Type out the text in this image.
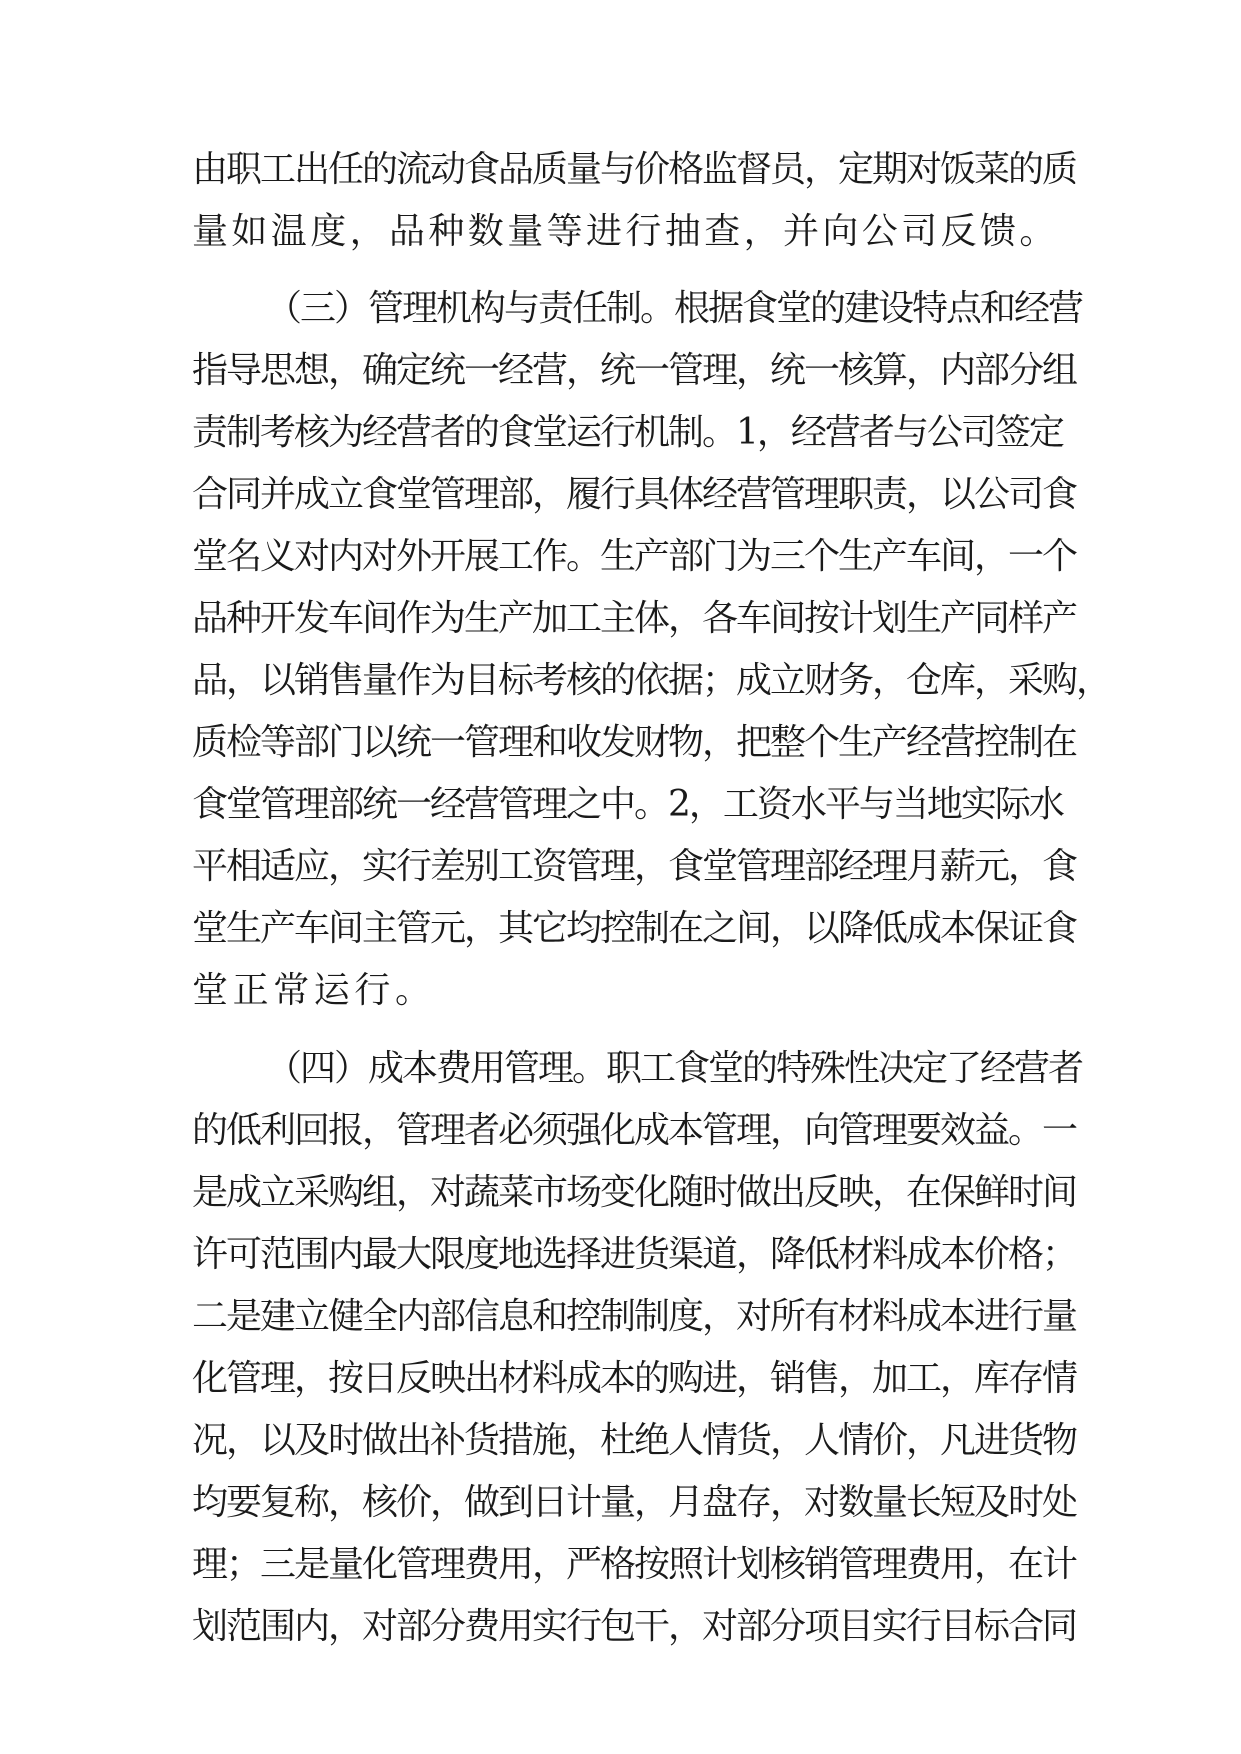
由职工出任的流动食品质量与价格监督员，定期对饭菜的质
量如温度，品种数量等进行抽查，并向公司反馈。
（三）管理机构与责任制。根据食堂的建设特点和经营
指导思想，确定统一经营，统一管理，统一核算，内部分组
责制考核为经营者的食堂运行机制。1，经营者与公司签定
合同并成立食堂管理部，履行具体经营管理职责，以公司食
堂名义对内对外开展工作。生产部门为三个生产车间，一个
品种开发车间作为生产加工主体，各车间按计划生产同样产
品，以销售量作为目标考核的依据；成立财务，仓库，采购，
质检等部门以统一管理和收发财物，把整个生产经营控制在
食堂管理部统一经营管理之中。2，工资水平与当地实际水
平相适应，实行差别工资管理，食堂管理部经理月薪元，食
堂生产车间主管元，其它均控制在之间，以降低成本保证食
堂正常运行。
（四）成本费用管理。职工食堂的特殊性决定了经营者
的低利回报，管理者必须强化成本管理，向管理要效益。一
是成立采购组，对蔬菜市场变化随时做出反映，在保鲜时间
许可范围内最大限度地选择进货渠道，降低材料成本价格；
二是建立健全内部信息和控制制度，对所有材料成本进行量
化管理，按日反映出材料成本的购进，销售，加工，库存情
况，以及时做出补货措施，杜绝人情货，人情价，凡进货物
均要复称，核价，做到日计量，月盘存，对数量长短及时处
理；三是量化管理费用，严格按照计划核销管理费用，在计
划范围内，对部分费用实行包干，对部分项目实行目标合同
